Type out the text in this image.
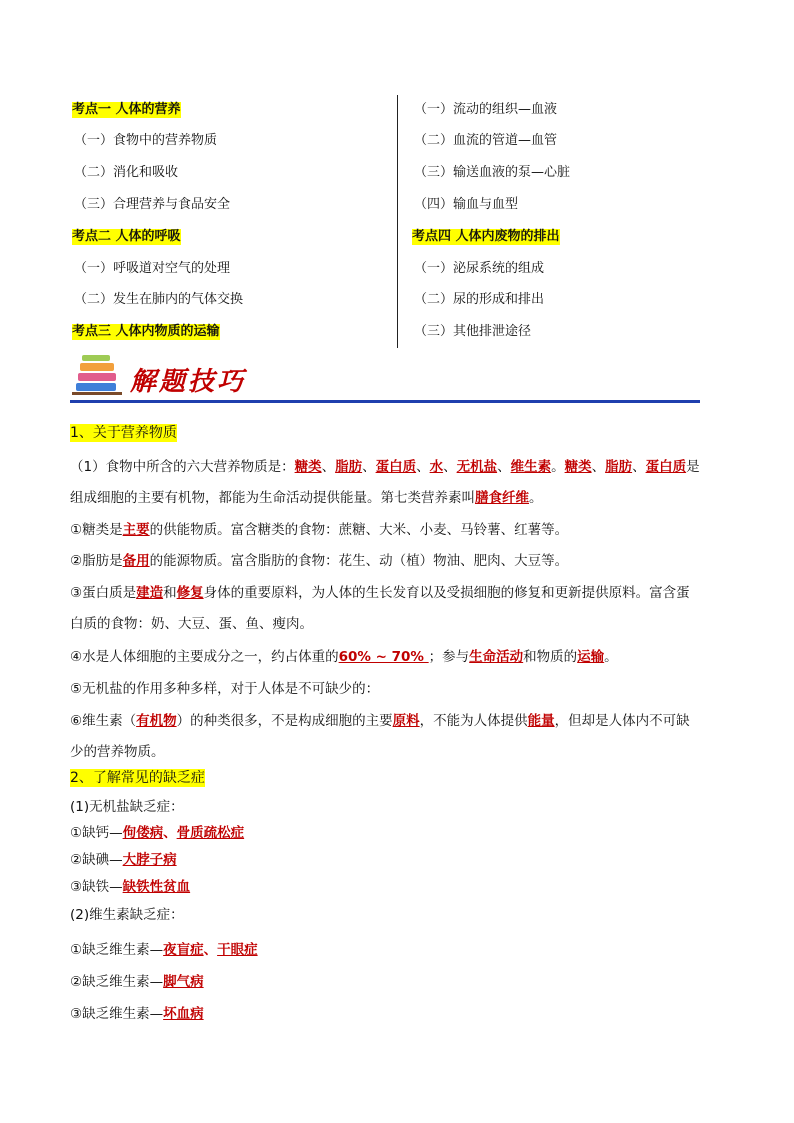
考点一 人体的营养
（一）食物中的营养物质
（二）消化和吸收
（三）合理营养与食品安全
考点二 人体的呼吸
（一）呼吸道对空气的处理
（二）发生在肺内的气体交换
考点三 人体内物质的运输
（一）流动的组织—血液
（二）血流的管道—血管
（三）输送血液的泵—心脏
（四）输血与血型
考点四 人体内废物的排出
（一）泌尿系统的组成
（二）尿的形成和排出
（三）其他排泄途径
解题技巧
1、关于营养物质
（1）食物中所含的六大营养物质是：糖类、脂肪、蛋白质、水、无机盐、维生素。糖类、脂肪、蛋白质是
组成细胞的主要有机物，都能为生命活动提供能量。第七类营养素叫膳食纤维。
①糖类是主要的供能物质。富含糖类的食物：蔗糖、大米、小麦、马铃薯、红薯等。
②脂肪是备用的能源物质。富含脂肪的食物：花生、动（植）物油、肥肉、大豆等。
③蛋白质是建造和修复身体的重要原料，为人体的生长发育以及受损细胞的修复和更新提供原料。富含蛋
白质的食物：奶、大豆、蛋、鱼、瘦肉。
④水是人体细胞的主要成分之一，约占体重的60% ~ 70% ；参与生命活动和物质的运输。
⑤无机盐的作用多种多样，对于人体是不可缺少的：
⑥维生素（有机物）的种类很多，不是构成细胞的主要原料，不能为人体提供能量，但却是人体内不可缺
少的营养物质。
2、了解常见的缺乏症
(1)无机盐缺乏症：
①缺钙—佝偻病、骨质疏松症
②缺碘—大脖子病
③缺铁—缺铁性贫血
(2)维生素缺乏症：
①缺乏维生素—夜盲症、干眼症
②缺乏维生素—脚气病
③缺乏维生素—坏血病
